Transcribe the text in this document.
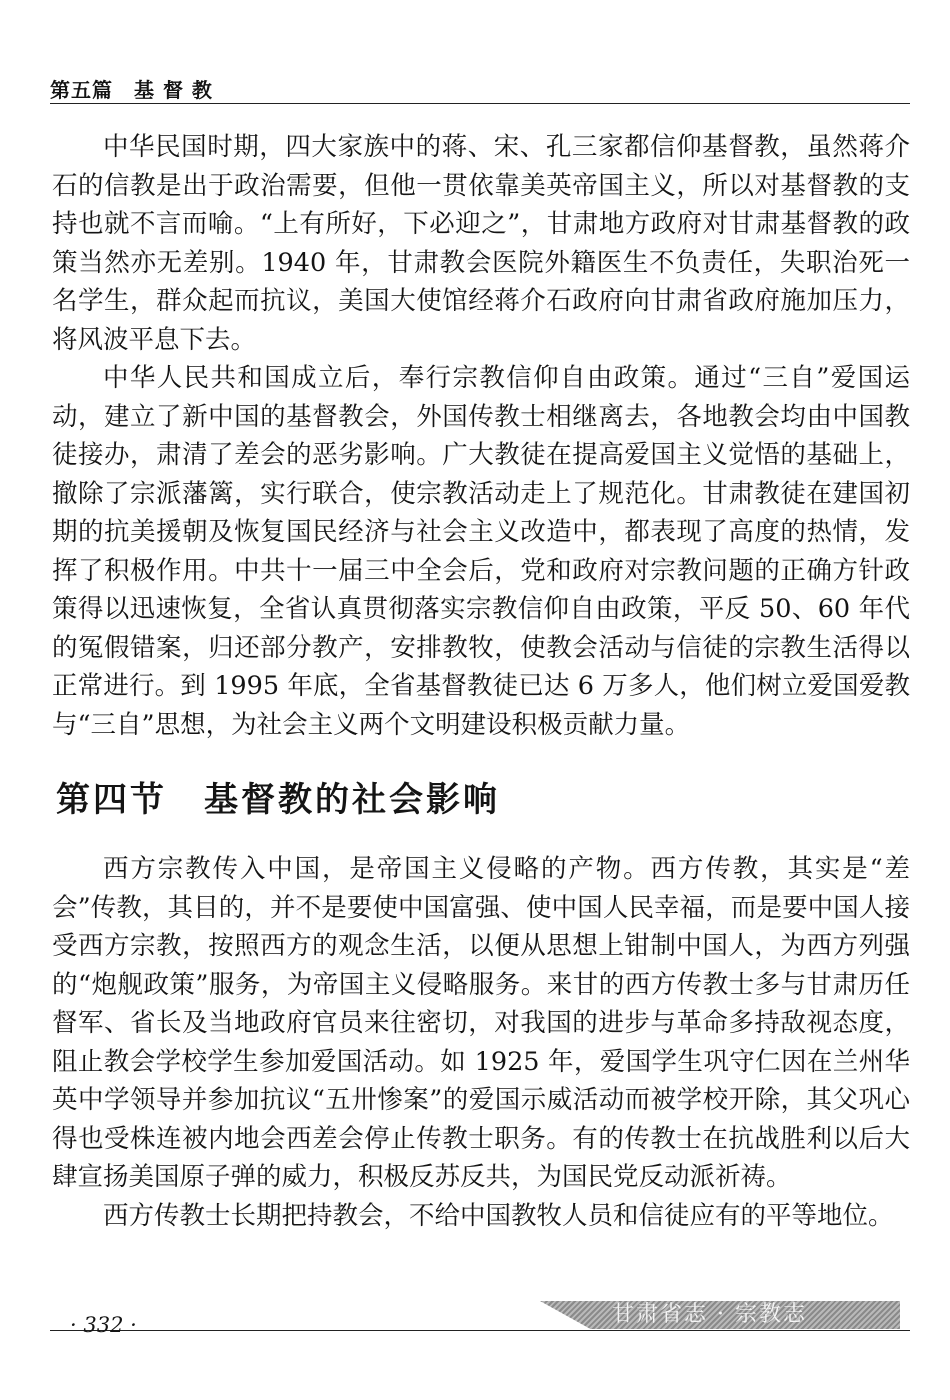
第五篇　基 督 教

中华民国时期，四大家族中的蒋、宋、孔三家都信仰基督教，虽然蒋介石的信教是出于政治需要，但他一贯依靠美英帝国主义，所以对基督教的支持也就不言而喻。“上有所好，下必迎之”，甘肃地方政府对甘肃基督教的政策当然亦无差别。1940 年，甘肃教会医院外籍医生不负责任，失职治死一名学生，群众起而抗议，美国大使馆经蒋介石政府向甘肃省政府施加压力，将风波平息下去。

中华人民共和国成立后，奉行宗教信仰自由政策。通过“三自”爱国运动，建立了新中国的基督教会，外国传教士相继离去，各地教会均由中国教徒接办，肃清了差会的恶劣影响。广大教徒在提高爱国主义觉悟的基础上，撤除了宗派藩篱，实行联合，使宗教活动走上了规范化。甘肃教徒在建国初期的抗美援朝及恢复国民经济与社会主义改造中，都表现了高度的热情，发挥了积极作用。中共十一届三中全会后，党和政府对宗教问题的正确方针政策得以迅速恢复，全省认真贯彻落实宗教信仰自由政策，平反 50、60 年代的冤假错案，归还部分教产，安排教牧，使教会活动与信徒的宗教生活得以正常进行。到 1995 年底，全省基督教徒已达 6 万多人，他们树立爱国爱教与“三自”思想，为社会主义两个文明建设积极贡献力量。

第四节　基督教的社会影响

西方宗教传入中国，是帝国主义侵略的产物。西方传教，其实是“差会”传教，其目的，并不是要使中国富强、使中国人民幸福，而是要中国人接受西方宗教，按照西方的观念生活，以便从思想上钳制中国人，为西方列强的“炮舰政策”服务，为帝国主义侵略服务。来甘的西方传教士多与甘肃历任督军、省长及当地政府官员来往密切，对我国的进步与革命多持敌视态度，阻止教会学校学生参加爱国活动。如 1925 年，爱国学生巩守仁因在兰州华英中学领导并参加抗议“五卅惨案”的爱国示威活动而被学校开除，其父巩心得也受株连被内地会西差会停止传教士职务。有的传教士在抗战胜利以后大肆宣扬美国原子弹的威力，积极反苏反共，为国民党反动派祈祷。

西方传教士长期把持教会，不给中国教牧人员和信徒应有的平等地位。

· 332 ·	甘肃省志 · 宗教志
